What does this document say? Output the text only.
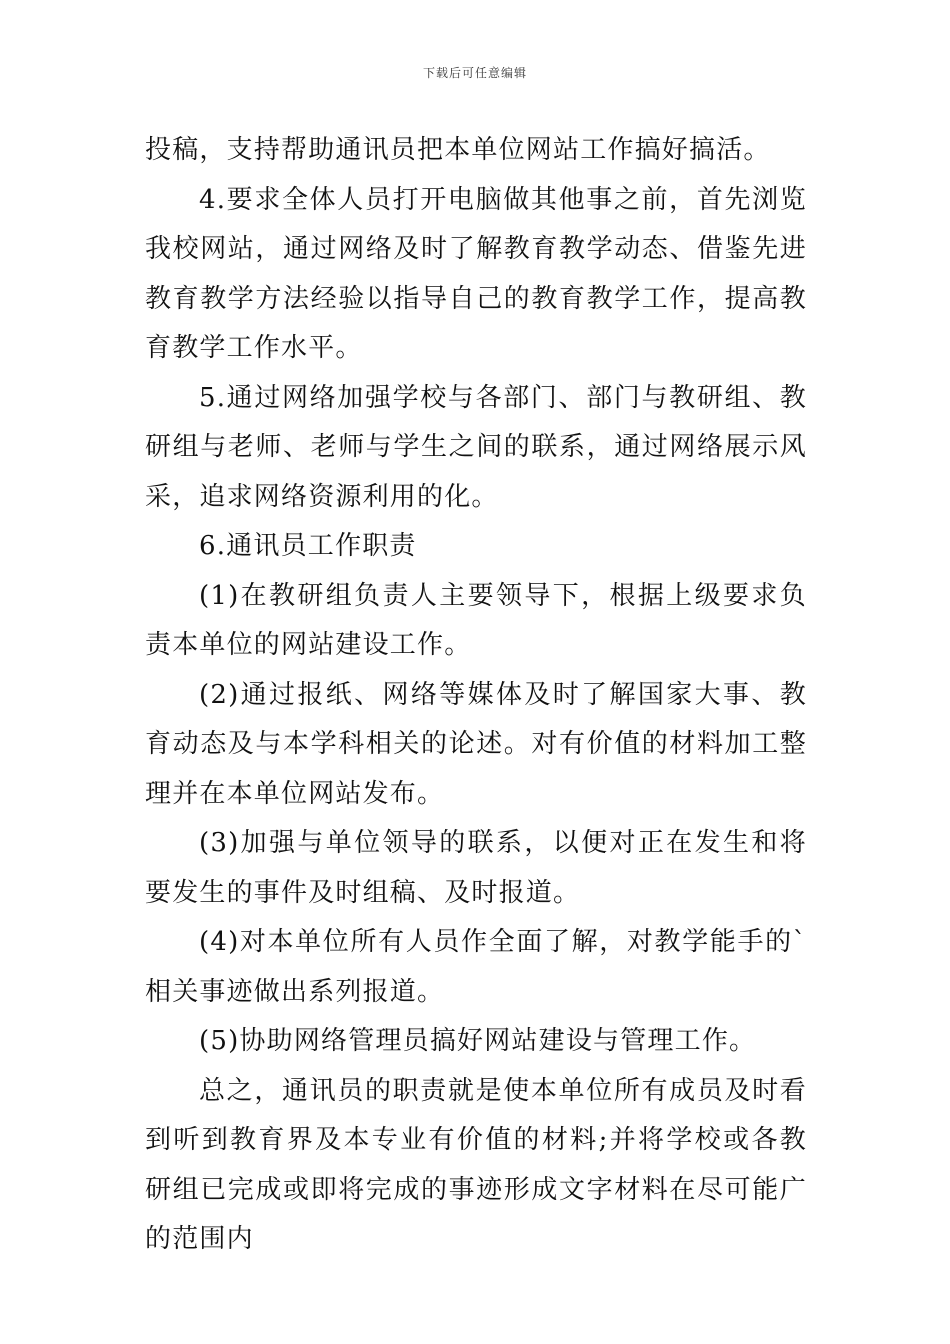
下载后可任意编辑

投稿，支持帮助通讯员把本单位网站工作搞好搞活。

4.要求全体人员打开电脑做其他事之前，首先浏览我校网站，通过网络及时了解教育教学动态、借鉴先进教育教学方法经验以指导自己的教育教学工作，提高教育教学工作水平。

5.通过网络加强学校与各部门、部门与教研组、教研组与老师、老师与学生之间的联系，通过网络展示风采，追求网络资源利用的化。

6.通讯员工作职责

(1)在教研组负责人主要领导下，根据上级要求负责本单位的网站建设工作。

(2)通过报纸、网络等媒体及时了解国家大事、教育动态及与本学科相关的论述。对有价值的材料加工整理并在本单位网站发布。

(3)加强与单位领导的联系，以便对正在发生和将要发生的事件及时组稿、及时报道。

(4)对本单位所有人员作全面了解，对教学能手的`相关事迹做出系列报道。

(5)协助网络管理员搞好网站建设与管理工作。

总之，通讯员的职责就是使本单位所有成员及时看到听到教育界及本专业有价值的材料;并将学校或各教研组已完成或即将完成的事迹形成文字材料在尽可能广的范围内
